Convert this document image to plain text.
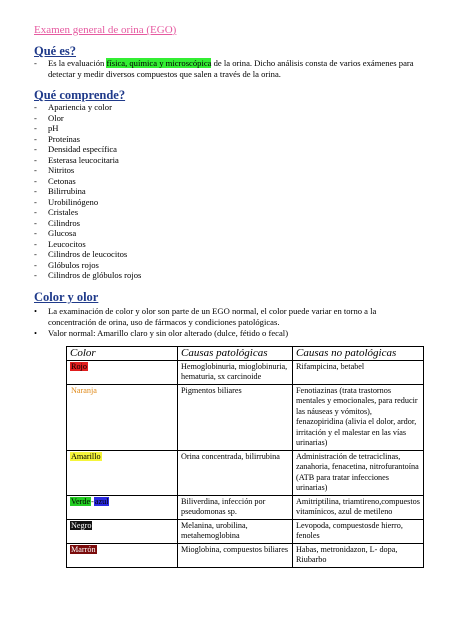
Examen general de orina (EGO)
Qué es?
-	Es la evaluación física, química y microscópica de la orina. Dicho análisis consta de varios exámenes para detectar y medir diversos compuestos que salen a través de la orina.
Qué comprende?
-	Apariencia y color
-	Olor
-	pH
-	Proteínas
-	Densidad específica
-	Esterasa leucocitaria
-	Nitritos
-	Cetonas
-	Bilirrubina
-	Urobilinógeno
-	Cristales
-	Cilindros
-	Glucosa
-	Leucocitos
-	Cilindros de leucocitos
-	Glóbulos rojos
-	Cilindros de glóbulos rojos
Color y olor
•	La examinación de color y olor son parte de un EGO normal, el color puede variar en torno a la concentración de orina, uso de fármacos y condiciones patológicas.
•	Valor normal: Amarillo claro y sin olor alterado (dulce, fétido o fecal)
Color	Causas patológicas	Causas no patológicas
Rojo	Hemoglobinuria, mioglobinuria, hematuria, sx carcinoide	Rifampicina, betabel
Naranja	Pigmentos biliares	Fenotiazinas (trata trastornos mentales y emocionales, para reducir las náuseas y vómitos), fenazopiridina (alivia el dolor, ardor, irritación y el malestar en las vías urinarias)
Amarillo	Orina concentrada, bilirrubina	Administración de tetraciclinas, zanahoria, fenacetina, nitrofurantoína (ATB para tratar infecciones urinarias)
Verde-azul	Biliverdina, infección por pseudomonas sp.	Amitriptilina, triamtireno,compuestos vitamínicos, azul de metileno
Negro	Melanina, urobilina, metahemoglobina	Levopoda, compuestosde hierro, fenoles
Marrón	Mioglobina, compuestos biliares	Habas, metronidazon, L- dopa, Riubarbo
